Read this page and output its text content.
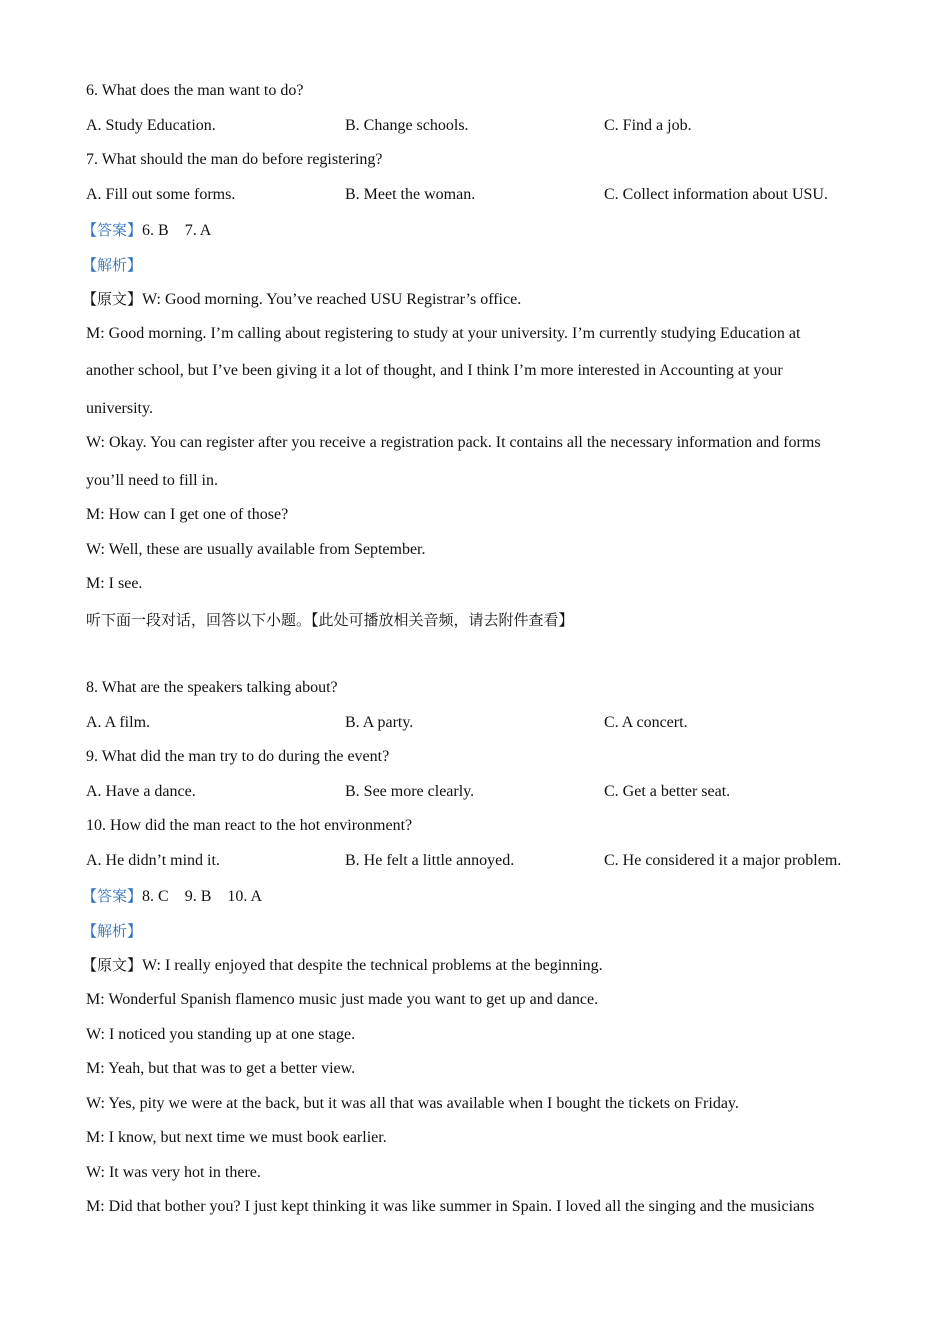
6. What does the man want to do?
A. Study Education.	B. Change schools.	C. Find a job.
7. What should the man do before registering?
A. Fill out some forms.	B. Meet the woman.	C. Collect information about USU.
【答案】6. B　7. A
【解析】
【原文】W: Good morning. You’ve reached USU Registrar’s office.
M: Good morning. I’m calling about registering to study at your university. I’m currently studying Education at
another school, but I’ve been giving it a lot of thought, and I think I’m more interested in Accounting at your
university.
W: Okay. You can register after you receive a registration pack. It contains all the necessary information and forms
you’ll need to fill in.
M: How can I get one of those?
W: Well, these are usually available from September.
M: I see.
听下面一段对话，回答以下小题。【此处可播放相关音频，请去附件查看】
8. What are the speakers talking about?
A. A film.	B. A party.	C. A concert.
9. What did the man try to do during the event?
A. Have a dance.	B. See more clearly.	C. Get a better seat.
10. How did the man react to the hot environment?
A. He didn’t mind it.	B. He felt a little annoyed.	C. He considered it a major problem.
【答案】8. C　9. B　10. A
【解析】
【原文】W: I really enjoyed that despite the technical problems at the beginning.
M: Wonderful Spanish flamenco music just made you want to get up and dance.
W: I noticed you standing up at one stage.
M: Yeah, but that was to get a better view.
W: Yes, pity we were at the back, but it was all that was available when I bought the tickets on Friday.
M: I know, but next time we must book earlier.
W: It was very hot in there.
M: Did that bother you? I just kept thinking it was like summer in Spain. I loved all the singing and the musicians
